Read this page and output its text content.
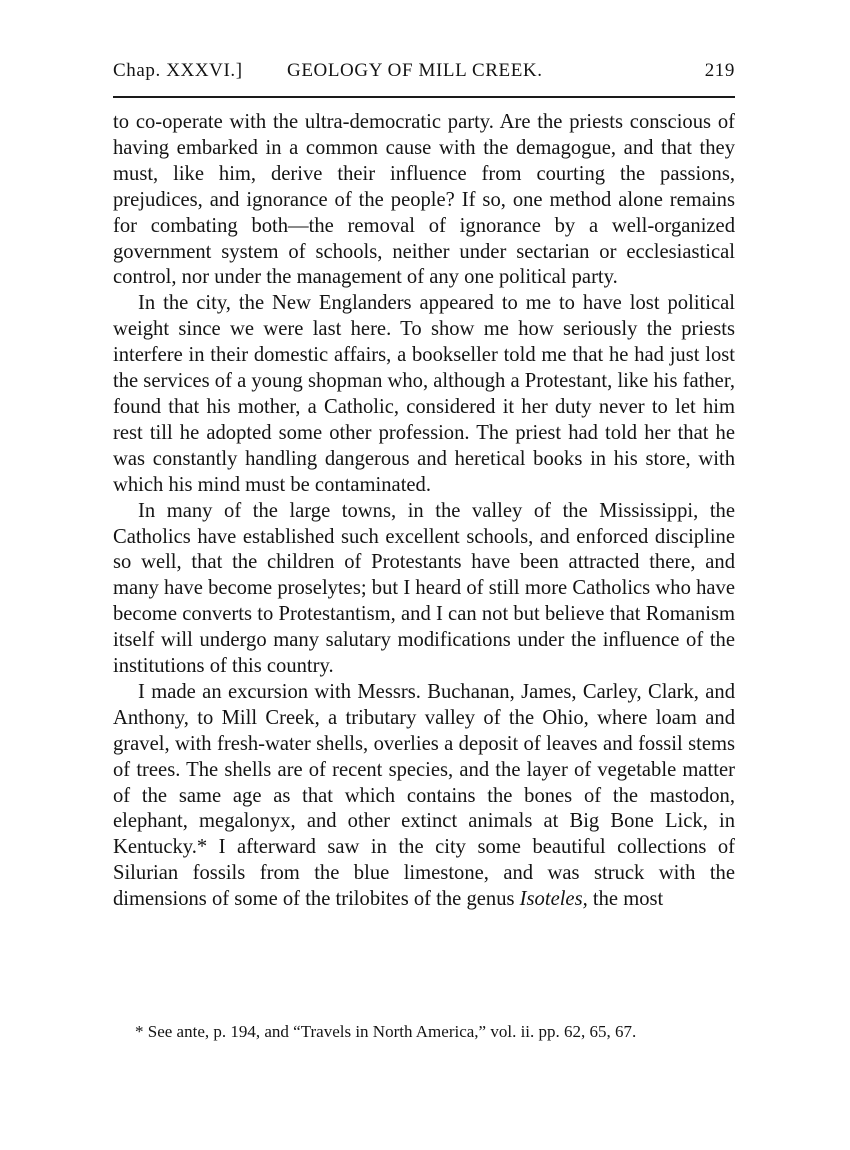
Chap. XXXVI.] GEOLOGY OF MILL CREEK.	219

to co-operate with the ultra-democratic party. Are the priests conscious of having embarked in a common cause with the demagogue, and that they must, like him, derive their influence from courting the passions, prejudices, and ignorance of the people? If so, one method alone remains for combating both—the removal of ignorance by a well-organized government system of schools, neither under sectarian or ecclesiastical control, nor under the management of any one political party.

In the city, the New Englanders appeared to me to have lost political weight since we were last here. To show me how seriously the priests interfere in their domestic affairs, a bookseller told me that he had just lost the services of a young shopman who, although a Protestant, like his father, found that his mother, a Catholic, considered it her duty never to let him rest till he adopted some other profession. The priest had told her that he was constantly handling dangerous and heretical books in his store, with which his mind must be contaminated.

In many of the large towns, in the valley of the Mississippi, the Catholics have established such excellent schools, and enforced discipline so well, that the children of Protestants have been attracted there, and many have become proselytes; but I heard of still more Catholics who have become converts to Protestantism, and I can not but believe that Romanism itself will undergo many salutary modifications under the influence of the institutions of this country.

I made an excursion with Messrs. Buchanan, James, Carley, Clark, and Anthony, to Mill Creek, a tributary valley of the Ohio, where loam and gravel, with fresh-water shells, overlies a deposit of leaves and fossil stems of trees. The shells are of recent species, and the layer of vegetable matter of the same age as that which contains the bones of the mastodon, elephant, megalonyx, and other extinct animals at Big Bone Lick, in Kentucky.* I afterward saw in the city some beautiful collections of Silurian fossils from the blue limestone, and was struck with the dimensions of some of the trilobites of the genus Isoteles, the most

* See ante, p. 194, and “Travels in North America,” vol. ii. pp. 62, 65, 67.
